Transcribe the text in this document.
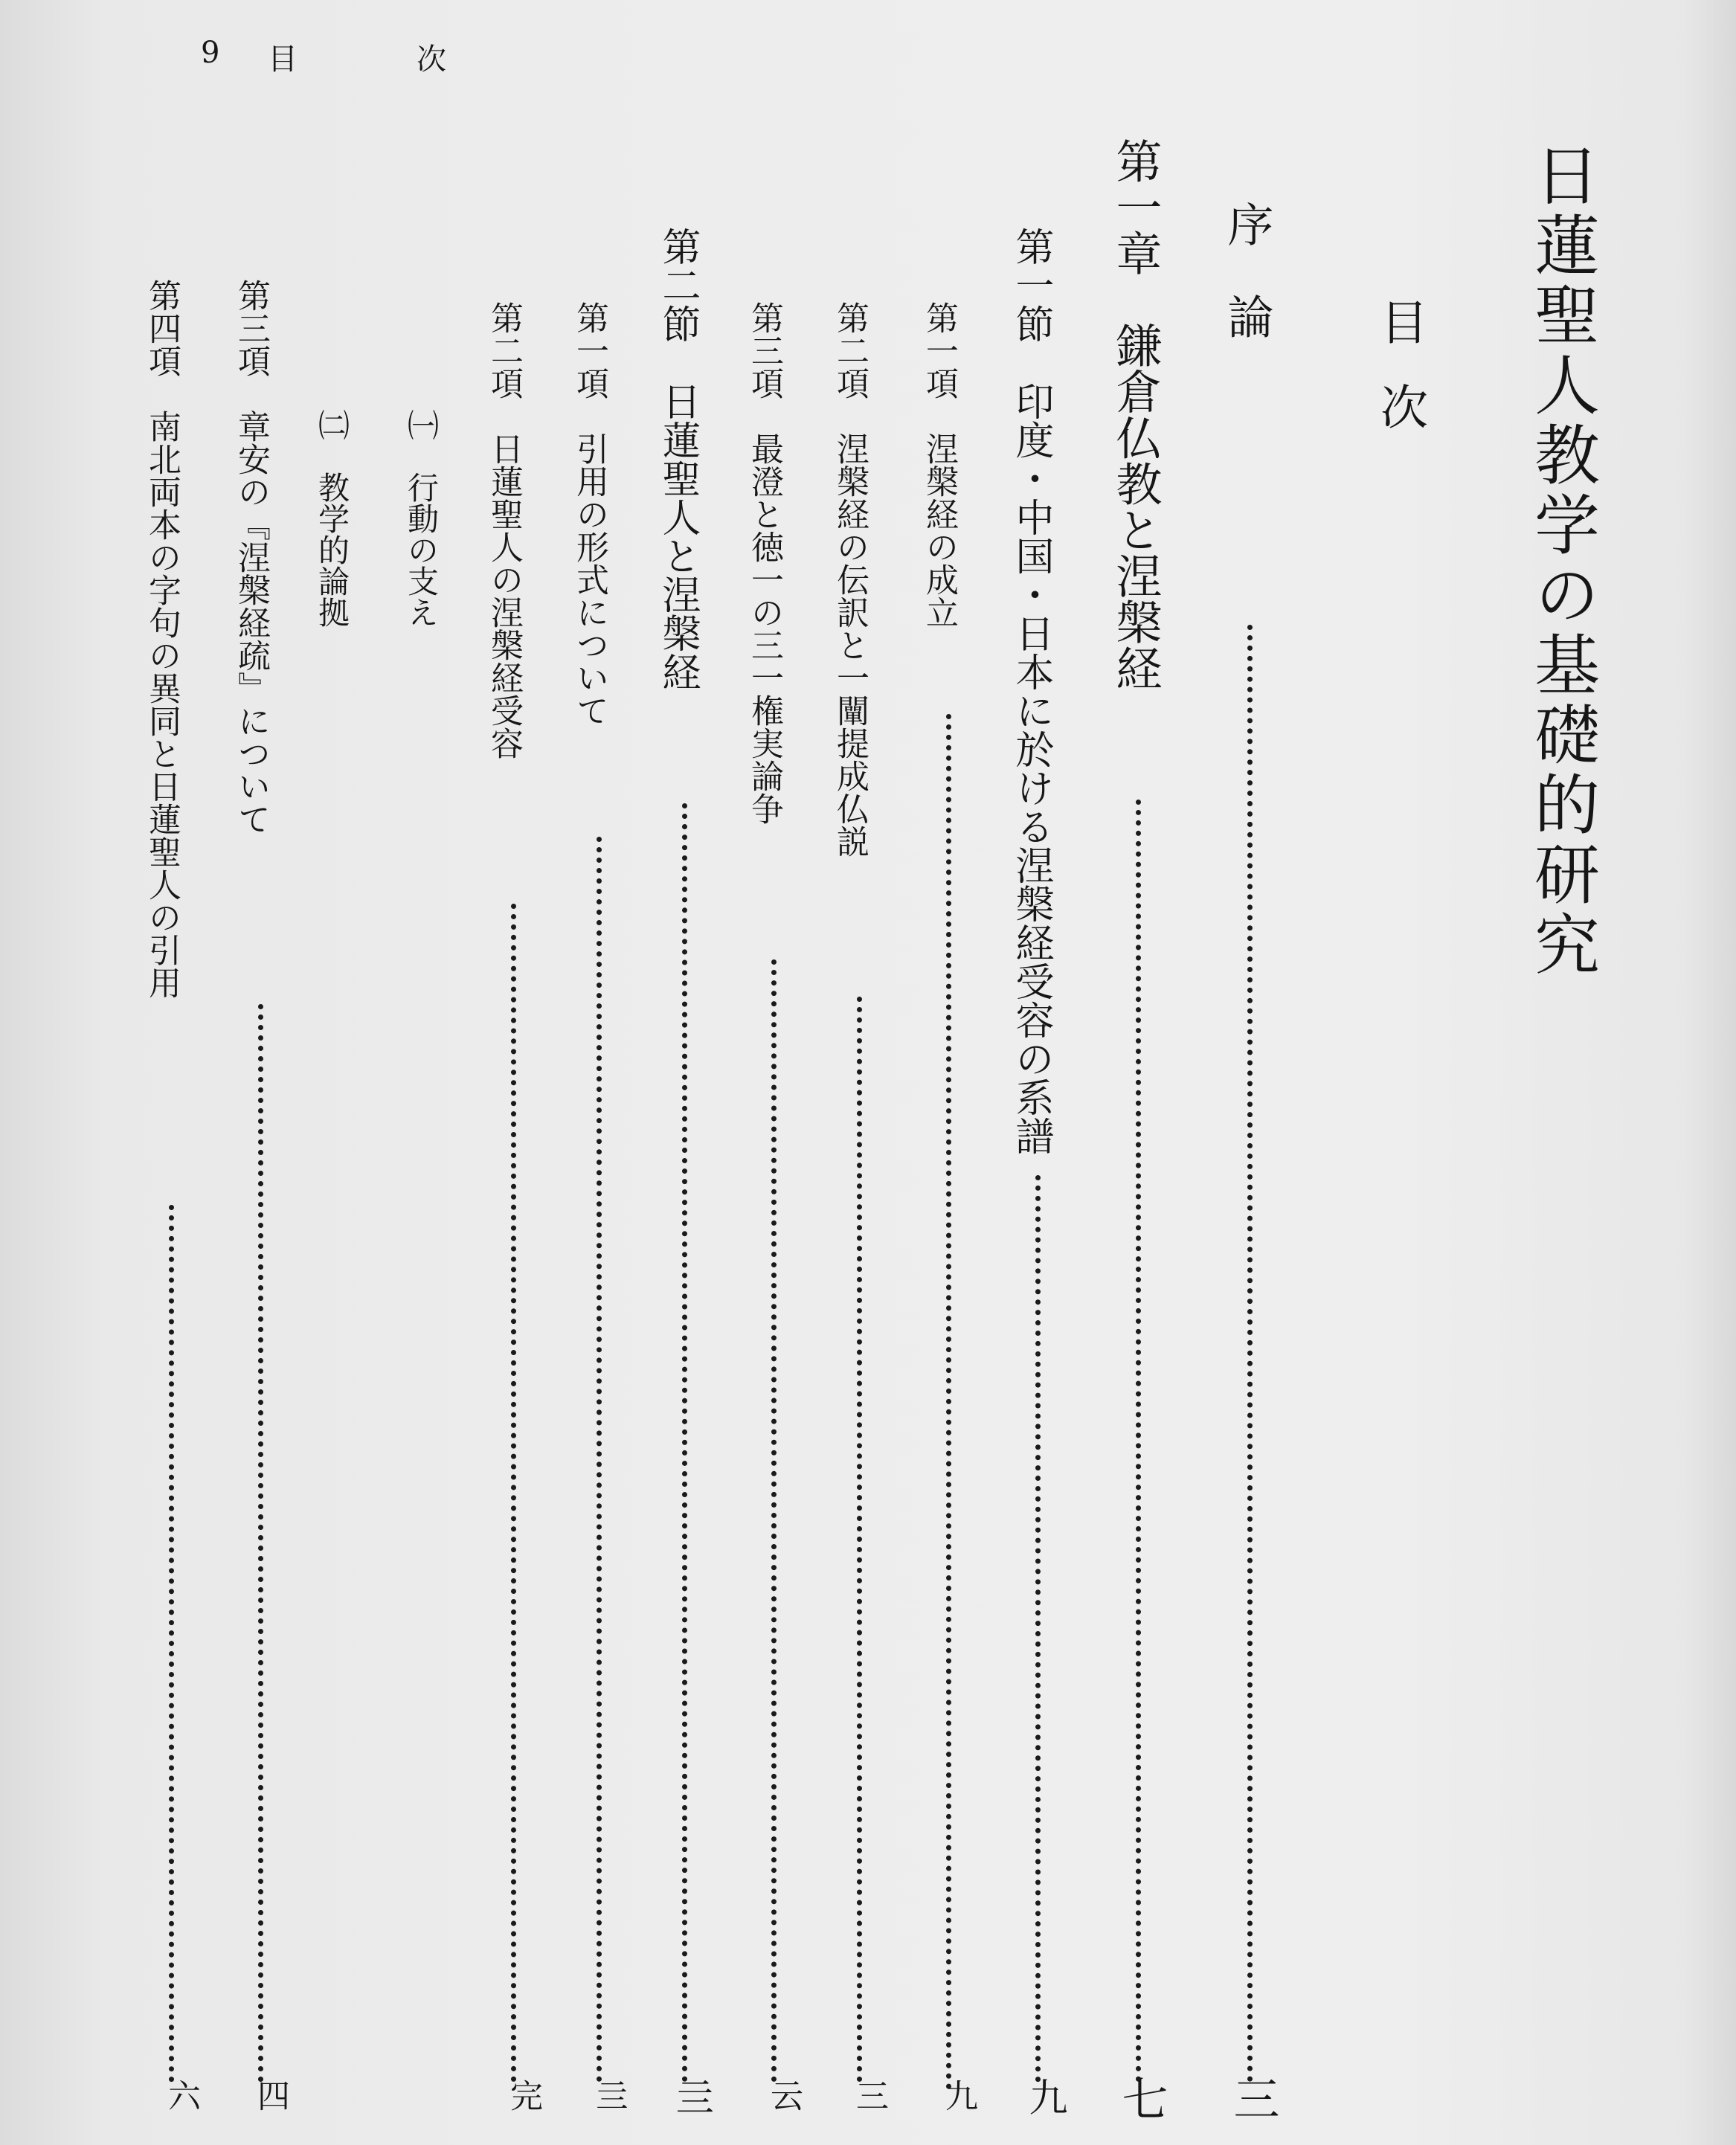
9 目	次
日蓮聖人教学の基礎的研究
目次
序　論
三
第一章　鎌倉仏教と涅槃経
七
第一節　印度・中国・日本に於ける涅槃経受容の系譜
九
第一項　涅槃経の成立
九
第二項　涅槃経の伝訳と一闡提成仏説
三
第三項　最澄と徳一の三一権実論争
云
第二節　日蓮聖人と涅槃経
亖
第一項　引用の形式について
亖
第二項　日蓮聖人の涅槃経受容
完
㈠　行動の支え
㈡　教学的論拠
第三項　章安の『涅槃経疏』について
四
第四項　南北両本の字句の異同と日蓮聖人の引用
六
